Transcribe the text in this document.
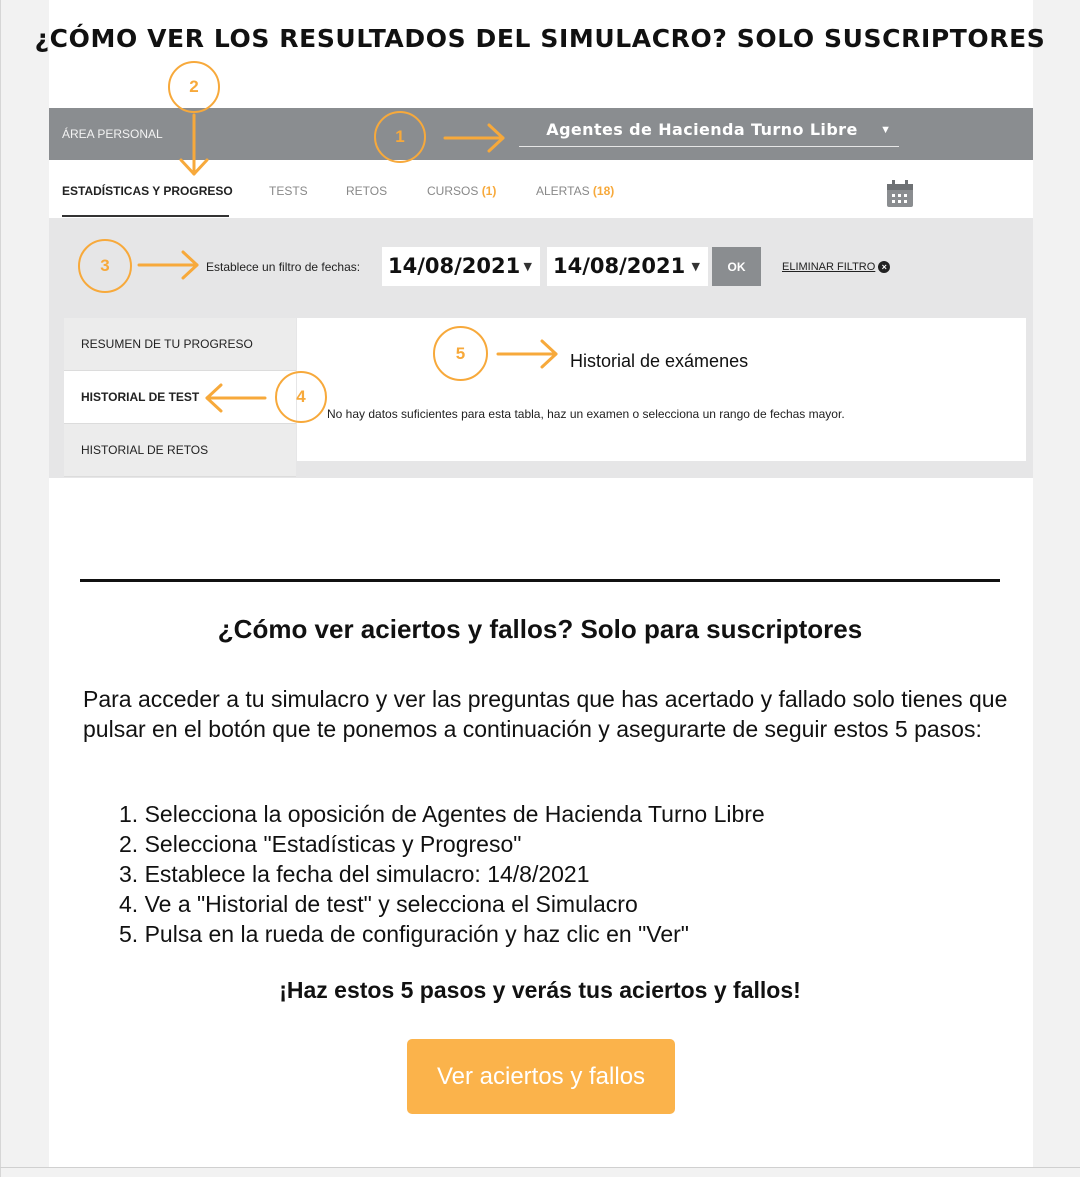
¿CÓMO VER LOS RESULTADOS DEL SIMULACRO? SOLO SUSCRIPTORES
ÁREA PERSONAL	Agentes de Hacienda Turno Libre	▼
ESTADÍSTICAS Y PROGRESO	TESTS	RETOS	CURSOS (1)	ALERTAS (18)
Establece un filtro de fechas: 14/08/2021 ▼ 14/08/2021 ▼	OK	ELIMINAR FILTRO ×
RESUMEN DE TU PROGRESO
HISTORIAL DE TEST
HISTORIAL DE RETOS
Historial de exámenes
No hay datos suficientes para esta tabla, haz un examen o selecciona un rango de fechas mayor.
2
1
3
4
5
¿Cómo ver aciertos y fallos? Solo para suscriptores
Para acceder a tu simulacro y ver las preguntas que has acertado y fallado solo tienes que pulsar en el botón que te ponemos a continuación y asegurarte de seguir estos 5 pasos:
1. Selecciona la oposición de Agentes de Hacienda Turno Libre
2. Selecciona "Estadísticas y Progreso"
3. Establece la fecha del simulacro: 14/8/2021
4. Ve a "Historial de test" y selecciona el Simulacro
5. Pulsa en la rueda de configuración y haz clic en "Ver"
¡Haz estos 5 pasos y verás tus aciertos y fallos!
Ver aciertos y fallos
